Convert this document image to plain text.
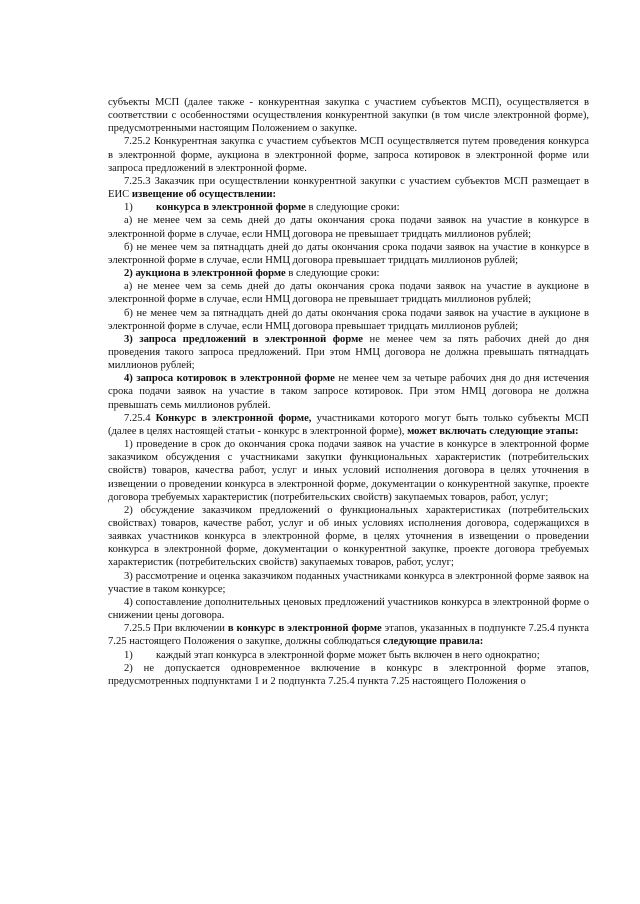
субъекты МСП (далее также - конкурентная закупка с участием субъектов МСП), осуществляется в соответствии с особенностями осуществления конкурентной закупки (в том числе электронной форме), предусмотренными настоящим Положением о закупке.

7.25.2 Конкурентная закупка с участием субъектов МСП осуществляется путем проведения конкурса в электронной форме, аукциона в электронной форме, запроса котировок в электронной форме или запроса предложений в электронной форме.

7.25.3 Заказчик при осуществлении конкурентной закупки с участием субъектов МСП размещает в ЕИС извещение об осуществлении:

1) конкурса в электронной форме в следующие сроки:

а) не менее чем за семь дней до даты окончания срока подачи заявок на участие в конкурсе в электронной форме в случае, если НМЦ договора не превышает тридцать миллионов рублей;

б) не менее чем за пятнадцать дней до даты окончания срока подачи заявок на участие в конкурсе в электронной форме в случае, если НМЦ договора превышает тридцать миллионов рублей;

2) аукциона в электронной форме в следующие сроки:

а) не менее чем за семь дней до даты окончания срока подачи заявок на участие в аукционе в электронной форме в случае, если НМЦ договора не превышает тридцать миллионов рублей;

б) не менее чем за пятнадцать дней до даты окончания срока подачи заявок на участие в аукционе в электронной форме в случае, если НМЦ договора превышает тридцать миллионов рублей;

3) запроса предложений в электронной форме не менее чем за пять рабочих дней до дня проведения такого запроса предложений. При этом НМЦ договора не должна превышать пятнадцать миллионов рублей;

4) запроса котировок в электронной форме не менее чем за четыре рабочих дня до дня истечения срока подачи заявок на участие в таком запросе котировок. При этом НМЦ договора не должна превышать семь миллионов рублей.

7.25.4 Конкурс в электронной форме, участниками которого могут быть только субъекты МСП (далее в целях настоящей статьи - конкурс в электронной форме), может включать следующие этапы:

1) проведение в срок до окончания срока подачи заявок на участие в конкурсе в электронной форме заказчиком обсуждения с участниками закупки функциональных характеристик (потребительских свойств) товаров, качества работ, услуг и иных условий исполнения договора в целях уточнения в извещении о проведении конкурса в электронной форме, документации о конкурентной закупке, проекте договора требуемых характеристик (потребительских свойств) закупаемых товаров, работ, услуг;

2) обсуждение заказчиком предложений о функциональных характеристиках (потребительских свойствах) товаров, качестве работ, услуг и об иных условиях исполнения договора, содержащихся в заявках участников конкурса в электронной форме, в целях уточнения в извещении о проведении конкурса в электронной форме, документации о конкурентной закупке, проекте договора требуемых характеристик (потребительских свойств) закупаемых товаров, работ, услуг;

3) рассмотрение и оценка заказчиком поданных участниками конкурса в электронной форме заявок на участие в таком конкурсе;

4) сопоставление дополнительных ценовых предложений участников конкурса в электронной форме о снижении цены договора.

7.25.5 При включении в конкурс в электронной форме этапов, указанных в подпункте 7.25.4 пункта 7.25 настоящего Положения о закупке, должны соблюдаться следующие правила:

1) каждый этап конкурса в электронной форме может быть включен в него однократно;

2) не допускается одновременное включение в конкурс в электронной форме этапов, предусмотренных подпунктами 1 и 2 подпункта 7.25.4 пункта 7.25 настоящего Положения о
